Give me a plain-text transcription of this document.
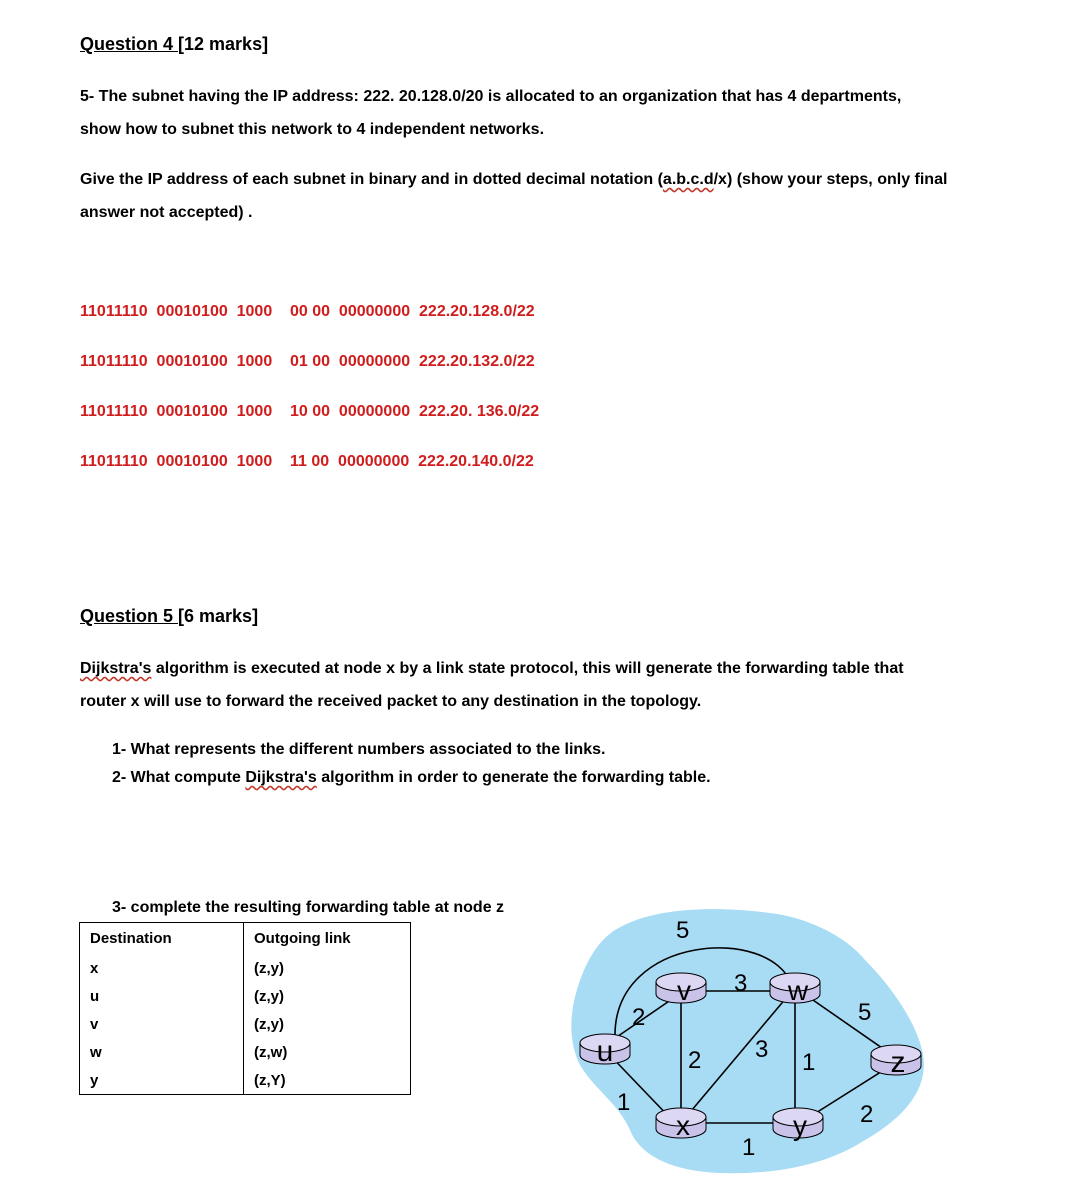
Question 4 [12 marks]
5- The subnet having the IP address: 222. 20.128.0/20 is allocated to an organization that has 4 departments,
show how to subnet this network to 4 independent networks.
Give the IP address of each subnet in binary and in dotted decimal notation (a.b.c.d/x) (show your steps, only final
answer not accepted) .
11011110  00010100  1000    00 00  00000000 222.20.128.0/22
11011110  00010100  1000    01 00  00000000 222.20.132.0/22
11011110  00010100  1000    10 00  00000000 222.20. 136.0/22
11011110  00010100  1000    11 00  00000000 222.20.140.0/22
Question 5 [6 marks]
Dijkstra's algorithm is executed at node x by a link state protocol, this will generate the forwarding table that
router x will use to forward the received packet to any destination in the topology.
1- What represents the different numbers associated to the links.
2- What compute Dijkstra's algorithm in order to generate the forwarding table.
3- complete the resulting forwarding table at node z
Destination	Outgoing link
x	(z,y)
u	(z,y)
v	(z,y)
w	(z,w)
y	(z,Y)
u
v	w
z
x	y
5
3
2
2 3 1
5
1
1
2
